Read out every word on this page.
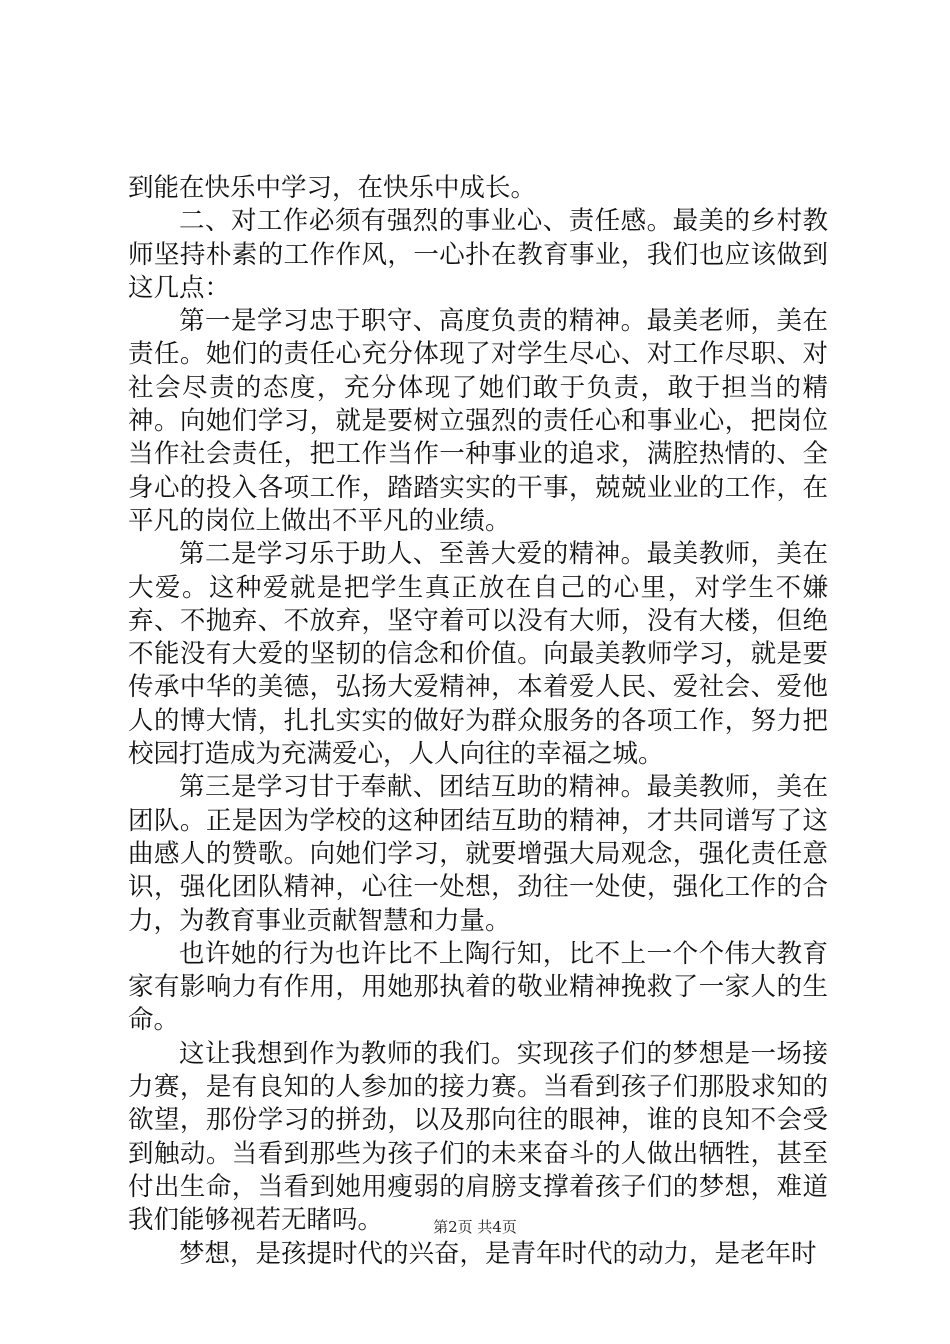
到能在快乐中学习，在快乐中成长。

二、对工作必须有强烈的事业心、责任感。最美的乡村教师坚持朴素的工作作风，一心扑在教育事业，我们也应该做到这几点：

第一是学习忠于职守、高度负责的精神。最美老师，美在责任。她们的责任心充分体现了对学生尽心、对工作尽职、对社会尽责的态度，充分体现了她们敢于负责，敢于担当的精神。向她们学习，就是要树立强烈的责任心和事业心，把岗位当作社会责任，把工作当作一种事业的追求，满腔热情的、全身心的投入各项工作，踏踏实实的干事，兢兢业业的工作，在平凡的岗位上做出不平凡的业绩。

第二是学习乐于助人、至善大爱的精神。最美教师，美在大爱。这种爱就是把学生真正放在自己的心里，对学生不嫌弃、不抛弃、不放弃，坚守着可以没有大师，没有大楼，但绝不能没有大爱的坚韧的信念和价值。向最美教师学习，就是要传承中华的美德，弘扬大爱精神，本着爱人民、爱社会、爱他人的博大情，扎扎实实的做好为群众服务的各项工作，努力把校园打造成为充满爱心，人人向往的幸福之城。

第三是学习甘于奉献、团结互助的精神。最美教师，美在团队。正是因为学校的这种团结互助的精神，才共同谱写了这曲感人的赞歌。向她们学习，就要增强大局观念，强化责任意识，强化团队精神，心往一处想，劲往一处使，强化工作的合力，为教育事业贡献智慧和力量。

也许她的行为也许比不上陶行知，比不上一个个伟大教育家有影响力有作用，用她那执着的敬业精神挽救了一家人的生命。

这让我想到作为教师的我们。实现孩子们的梦想是一场接力赛，是有良知的人参加的接力赛。当看到孩子们那股求知的欲望，那份学习的拼劲，以及那向往的眼神，谁的良知不会受到触动。当看到那些为孩子们的未来奋斗的人做出牺牲，甚至付出生命，当看到她用瘦弱的肩膀支撑着孩子们的梦想，难道我们能够视若无睹吗。

梦想，是孩提时代的兴奋，是青年时代的动力，是老年时

第2页 共4页
